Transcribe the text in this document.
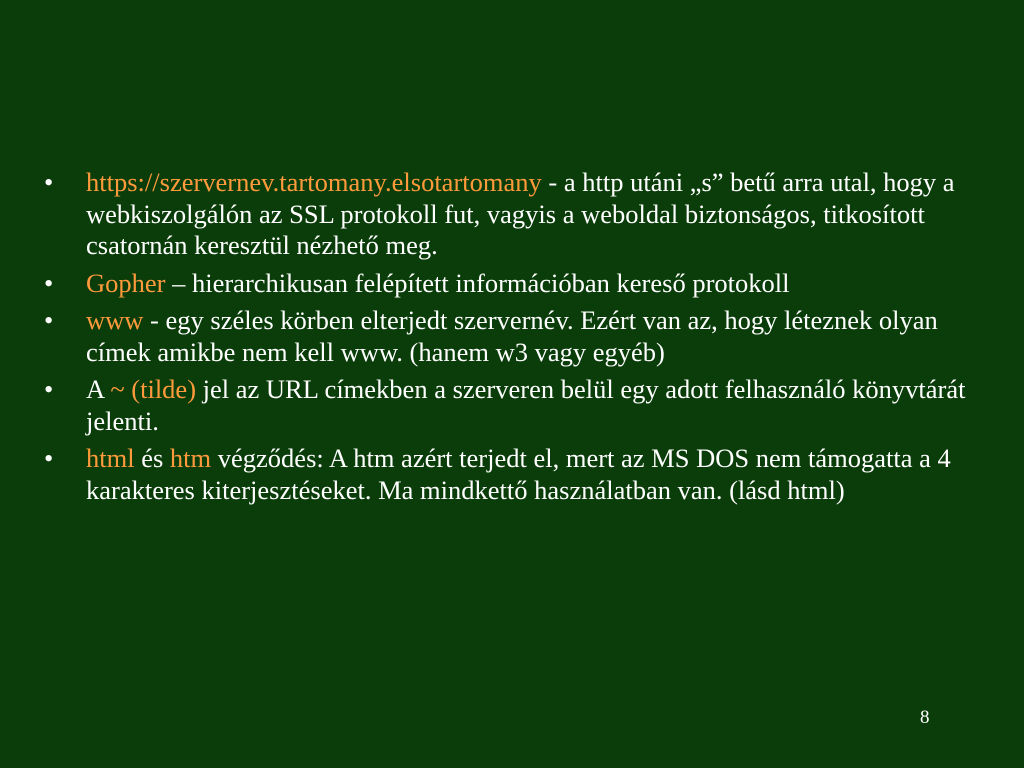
•	https://szervernev.tartomany.elsotartomany - a http utáni „s” betű arra utal, hogy a webkiszolgálón az SSL protokoll fut, vagyis a weboldal biztonságos, titkosított csatornán keresztül nézhető meg.
•	Gopher – hierarchikusan felépített információban kereső protokoll
•	www - egy széles körben elterjedt szervernév. Ezért van az, hogy léteznek olyan címek amikbe nem kell www. (hanem w3 vagy egyéb)
•	A ~ (tilde) jel az URL címekben a szerveren belül egy adott felhasználó könyvtárát jelenti.
•	html és htm végződés: A htm azért terjedt el, mert az MS DOS nem támogatta a 4 karakteres kiterjesztéseket. Ma mindkettő használatban van. (lásd html)
8
